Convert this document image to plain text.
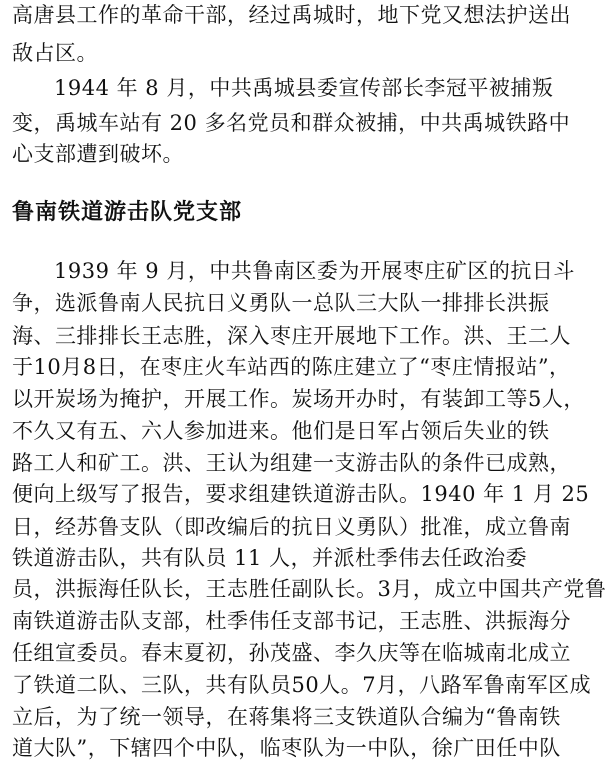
高唐县工作的革命干部，经过禹城时，地下党又想法护送出
敌占区。
1944 年 8 月，中共禹城县委宣传部长李冠平被捕叛
变，禹城车站有 20 多名党员和群众被捕，中共禹城铁路中
心支部遭到破坏。
鲁南铁道游击队党支部
1939 年 9 月，中共鲁南区委为开展枣庄矿区的抗日斗
争，选派鲁南人民抗日义勇队一总队三大队一排排长洪振
海、三排排长王志胜，深入枣庄开展地下工作。洪、王二人
于10月8日，在枣庄火车站西的陈庄建立了“枣庄情报站”，
以开炭场为掩护，开展工作。炭场开办时，有装卸工等5人，
不久又有五、六人参加进来。他们是日军占领后失业的铁
路工人和矿工。洪、王认为组建一支游击队的条件已成熟，
便向上级写了报告，要求组建铁道游击队。1940 年 1 月 25
日，经苏鲁支队（即改编后的抗日义勇队）批准，成立鲁南
铁道游击队，共有队员 11 人，并派杜季伟去任政治委
员，洪振海任队长，王志胜任副队长。3月，成立中国共产党鲁
南铁道游击队支部，杜季伟任支部书记，王志胜、洪振海分
任组宣委员。春末夏初，孙茂盛、李久庆等在临城南北成立
了铁道二队、三队，共有队员50人。7月，八路军鲁南军区成
立后，为了统一领导，在蒋集将三支铁道队合编为“鲁南铁
道大队”，下辖四个中队，临枣队为一中队，徐广田任中队
